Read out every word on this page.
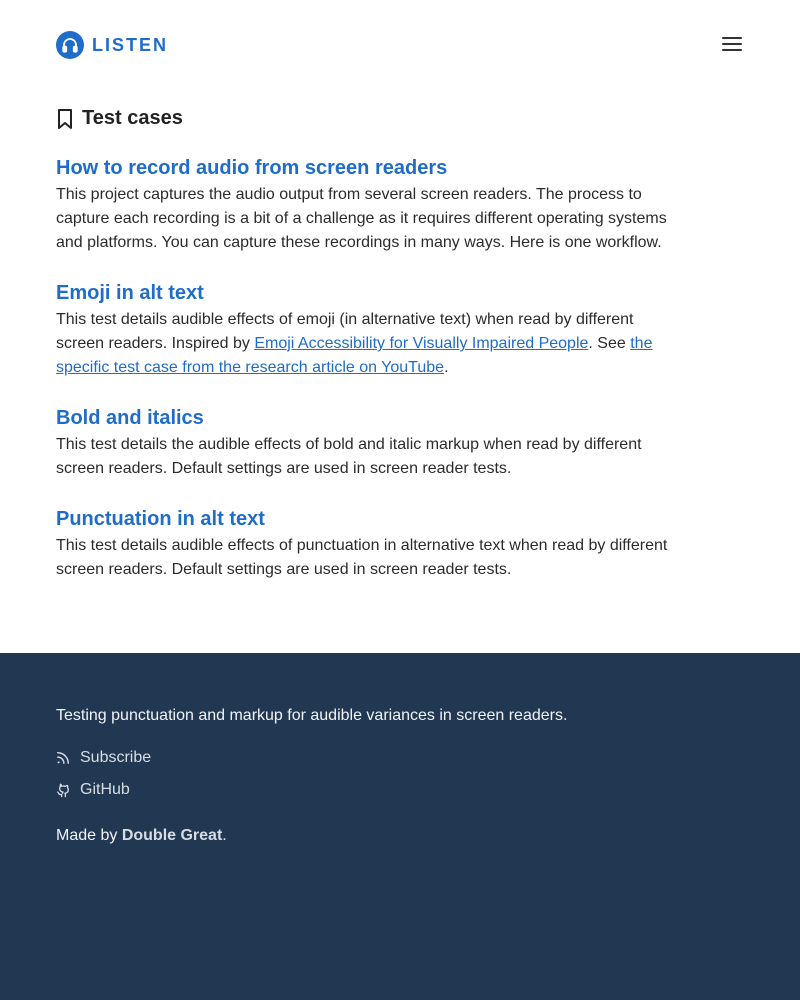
LISTEN
Test cases
How to record audio from screen readers

This project captures the audio output from several screen readers. The process to capture each recording is a bit of a challenge as it requires different operating systems and platforms. You can capture these recordings in many ways. Here is one workflow.

Emoji in alt text

This test details audible effects of emoji (in alternative text) when read by different screen readers. Inspired by Emoji Accessibility for Visually Impaired People. See the specific test case from the research article on YouTube.

Bold and italics

This test details the audible effects of bold and italic markup when read by different screen readers. Default settings are used in screen reader tests.

Punctuation in alt text

This test details audible effects of punctuation in alternative text when read by different screen readers. Default settings are used in screen reader tests.

Testing punctuation and markup for audible variances in screen readers.

Subscribe
GitHub

Made by Double Great.
